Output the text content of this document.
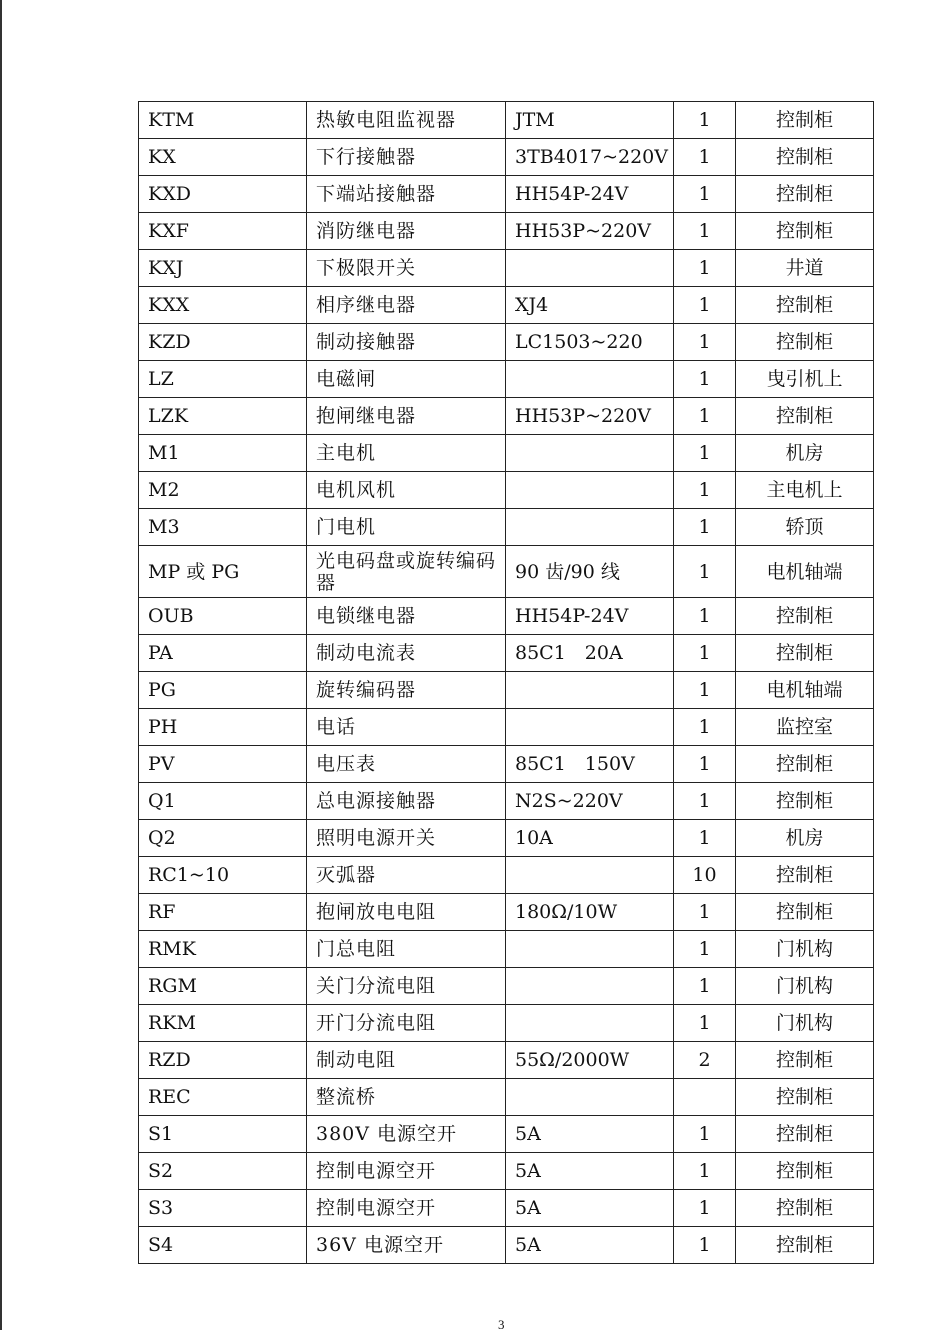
KTM	热敏电阻监视器	JTM	1	控制柜
KX	下行接触器	3TB4017~220V	1	控制柜
KXD	下端站接触器	HH54P-24V	1	控制柜
KXF	消防继电器	HH53P~220V	1	控制柜
KXJ	下极限开关		1	井道
KXX	相序继电器	XJ4	1	控制柜
KZD	制动接触器	LC1503~220	1	控制柜
LZ	电磁闸		1	曳引机上
LZK	抱闸继电器	HH53P~220V	1	控制柜
M1	主电机		1	机房
M2	电机风机		1	主电机上
M3	门电机		1	轿顶
MP 或 PG	光电码盘或旋转编码器	90 齿/90 线	1	电机轴端
OUB	电锁继电器	HH54P-24V	1	控制柜
PA	制动电流表	85C1　20A	1	控制柜
PG	旋转编码器		1	电机轴端
PH	电话		1	监控室
PV	电压表	85C1　150V	1	控制柜
Q1	总电源接触器	N2S~220V	1	控制柜
Q2	照明电源开关	10A	1	机房
RC1~10	灭弧器		10	控制柜
RF	抱闸放电电阻	180Ω/10W	1	控制柜
RMK	门总电阻		1	门机构
RGM	关门分流电阻		1	门机构
RKM	开门分流电阻		1	门机构
RZD	制动电阻	55Ω/2000W	2	控制柜
REC	整流桥			控制柜
S1	380V 电源空开	5A	1	控制柜
S2	控制电源空开	5A	1	控制柜
S3	控制电源空开	5A	1	控制柜
S4	36V 电源空开	5A	1	控制柜
3
